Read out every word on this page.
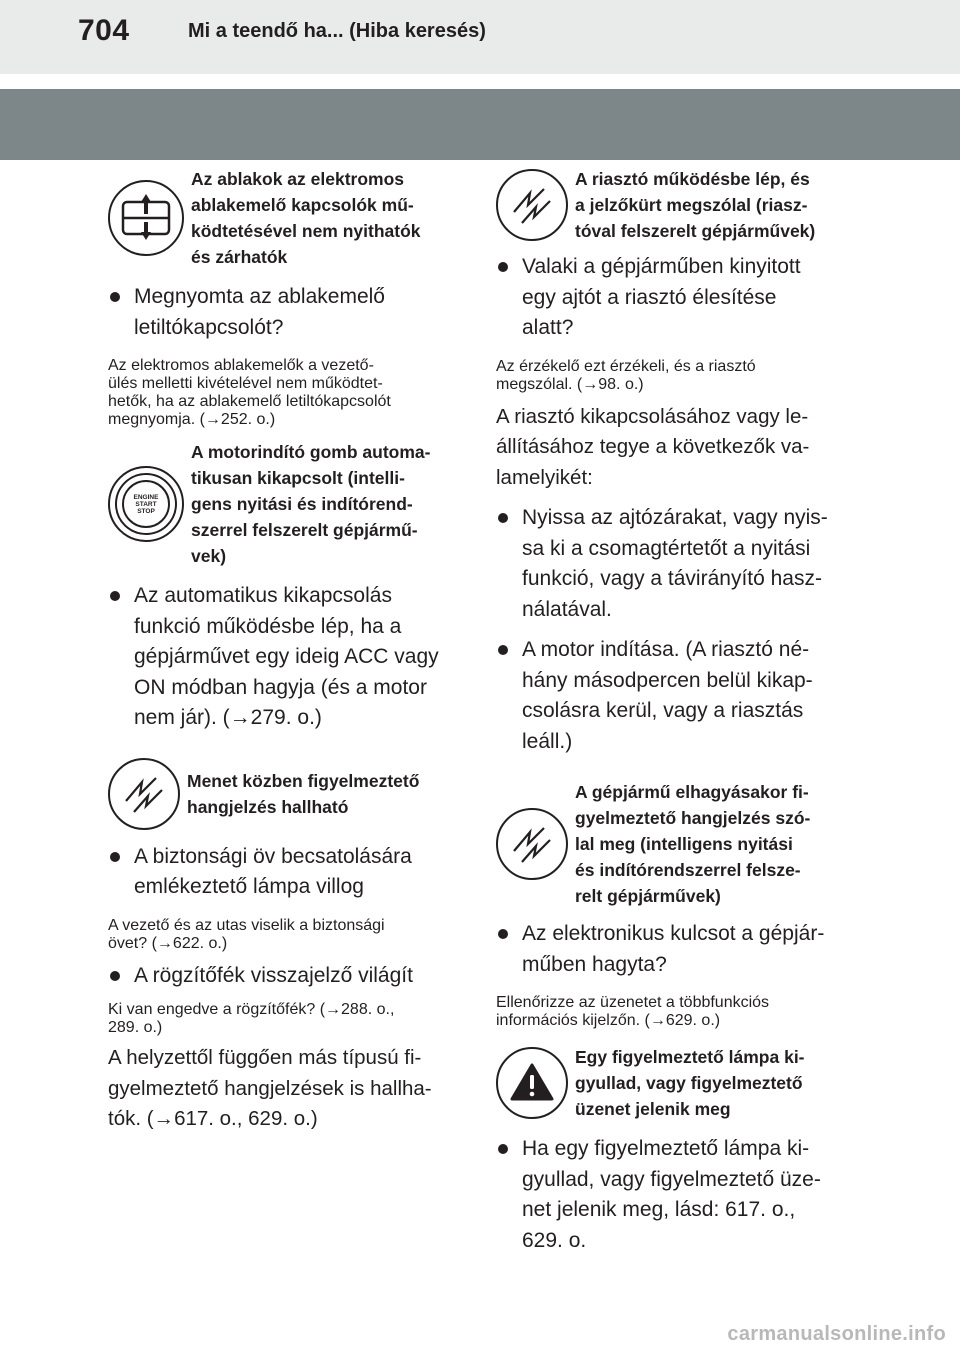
704	Mi a teendő ha... (Hiba keresés)
Az ablakok az elektromos
ablakemelő kapcsolók mű-
ködtetésével nem nyithatók
és zárhatók
Megnyomta az ablakemelő
letiltókapcsolót?
Az elektromos ablakemelők a vezető-
ülés melletti kivételével nem működtet-
hetők, ha az ablakemelő letiltókapcsolót
megnyomja. (→252. o.)
ENGINE
START
STOP
A motorindító gomb automa-
tikusan kikapcsolt (intelli-
gens nyitási és indítórend-
szerrel felszerelt gépjármű-
vek)
Az automatikus kikapcsolás
funkció működésbe lép, ha a
gépjárművet egy ideig ACC vagy
ON módban hagyja (és a motor
nem jár). (→279. o.)
Menet közben figyelmeztető
hangjelzés hallható
A biztonsági öv becsatolására
emlékeztető lámpa villog
A vezető és az utas viselik a biztonsági
övet? (→622. o.)
A rögzítőfék visszajelző világít
Ki van engedve a rögzítőfék? (→288. o.,
289. o.)
A helyzettől függően más típusú fi-
gyelmeztető hangjelzések is hallha-
tók. (→617. o., 629. o.)
A riasztó működésbe lép, és
a jelzőkürt megszólal (riasz-
tóval felszerelt gépjárművek)
Valaki a gépjárműben kinyitott
egy ajtót a riasztó élesítése
alatt?
Az érzékelő ezt érzékeli, és a riasztó
megszólal. (→98. o.)
A riasztó kikapcsolásához vagy le-
állításához tegye a következők va-
lamelyikét:
Nyissa az ajtózárakat, vagy nyis-
sa ki a csomagtértetőt a nyitási
funkció, vagy a távirányító hasz-
nálatával.
A motor indítása. (A riasztó né-
hány másodpercen belül kikap-
csolásra kerül, vagy a riasztás
leáll.)
A gépjármű elhagyásakor fi-
gyelmeztető hangjelzés szó-
lal meg (intelligens nyitási
és indítórendszerrel felsze-
relt gépjárművek)
Az elektronikus kulcsot a gépjár-
műben hagyta?
Ellenőrizze az üzenetet a többfunkciós
információs kijelzőn. (→629. o.)
Egy figyelmeztető lámpa ki-
gyullad, vagy figyelmeztető
üzenet jelenik meg
Ha egy figyelmeztető lámpa ki-
gyullad, vagy figyelmeztető üze-
net jelenik meg, lásd: 617. o.,
629. o.
carmanualsonline.info
